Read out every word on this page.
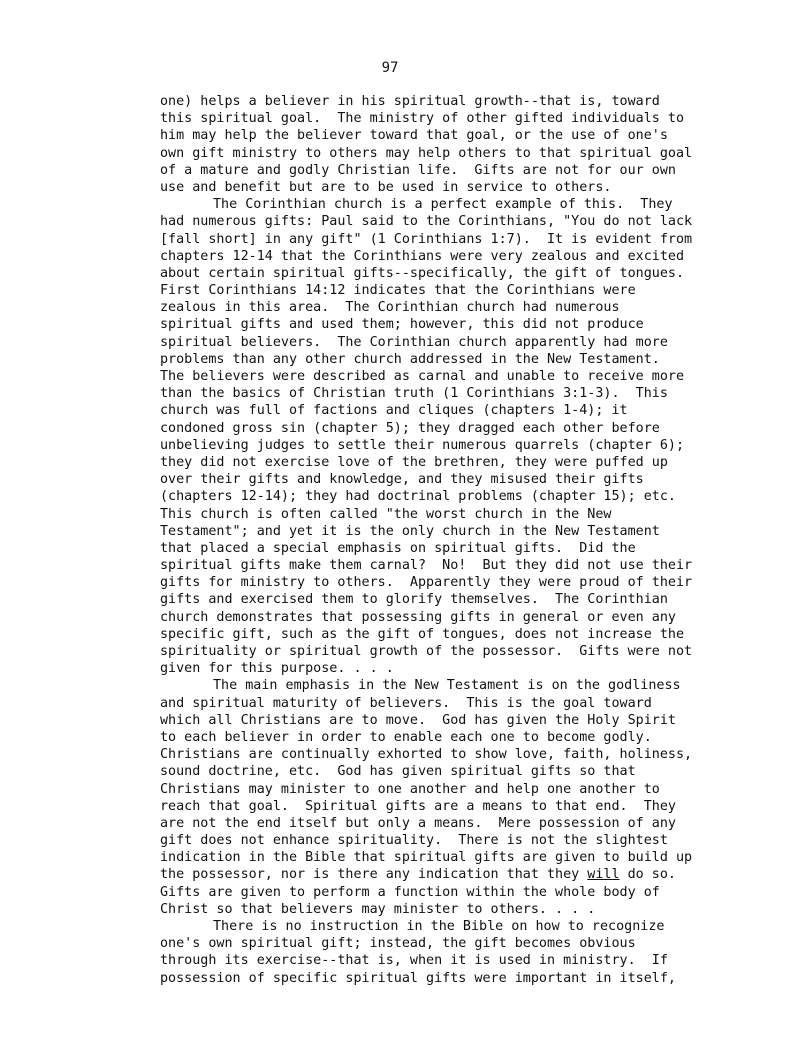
97
one) helps a believer in his spiritual growth--that is, toward
this spiritual goal.  The ministry of other gifted individuals to
him may help the believer toward that goal, or the use of one's
own gift ministry to others may help others to that spiritual goal
of a mature and godly Christian life.  Gifts are not for our own
use and benefit but are to be used in service to others.
The Corinthian church is a perfect example of this.  They
had numerous gifts: Paul said to the Corinthians, "You do not lack
[fall short] in any gift" (1 Corinthians 1:7).  It is evident from
chapters 12-14 that the Corinthians were very zealous and excited
about certain spiritual gifts--specifically, the gift of tongues.
First Corinthians 14:12 indicates that the Corinthians were
zealous in this area.  The Corinthian church had numerous
spiritual gifts and used them; however, this did not produce
spiritual believers.  The Corinthian church apparently had more
problems than any other church addressed in the New Testament.
The believers were described as carnal and unable to receive more
than the basics of Christian truth (1 Corinthians 3:1-3).  This
church was full of factions and cliques (chapters 1-4); it
condoned gross sin (chapter 5); they dragged each other before
unbelieving judges to settle their numerous quarrels (chapter 6);
they did not exercise love of the brethren, they were puffed up
over their gifts and knowledge, and they misused their gifts
(chapters 12-14); they had doctrinal problems (chapter 15); etc.
This church is often called "the worst church in the New
Testament"; and yet it is the only church in the New Testament
that placed a special emphasis on spiritual gifts.  Did the
spiritual gifts make them carnal?  No!  But they did not use their
gifts for ministry to others.  Apparently they were proud of their
gifts and exercised them to glorify themselves.  The Corinthian
church demonstrates that possessing gifts in general or even any
specific gift, such as the gift of tongues, does not increase the
spirituality or spiritual growth of the possessor.  Gifts were not
given for this purpose. . . .
The main emphasis in the New Testament is on the godliness
and spiritual maturity of believers.  This is the goal toward
which all Christians are to move.  God has given the Holy Spirit
to each believer in order to enable each one to become godly.
Christians are continually exhorted to show love, faith, holiness,
sound doctrine, etc.  God has given spiritual gifts so that
Christians may minister to one another and help one another to
reach that goal.  Spiritual gifts are a means to that end.  They
are not the end itself but only a means.  Mere possession of any
gift does not enhance spirituality.  There is not the slightest
indication in the Bible that spiritual gifts are given to build up
the possessor, nor is there any indication that they will do so.
Gifts are given to perform a function within the whole body of
Christ so that believers may minister to others. . . .
There is no instruction in the Bible on how to recognize
one's own spiritual gift; instead, the gift becomes obvious
through its exercise--that is, when it is used in ministry.  If
possession of specific spiritual gifts were important in itself,
